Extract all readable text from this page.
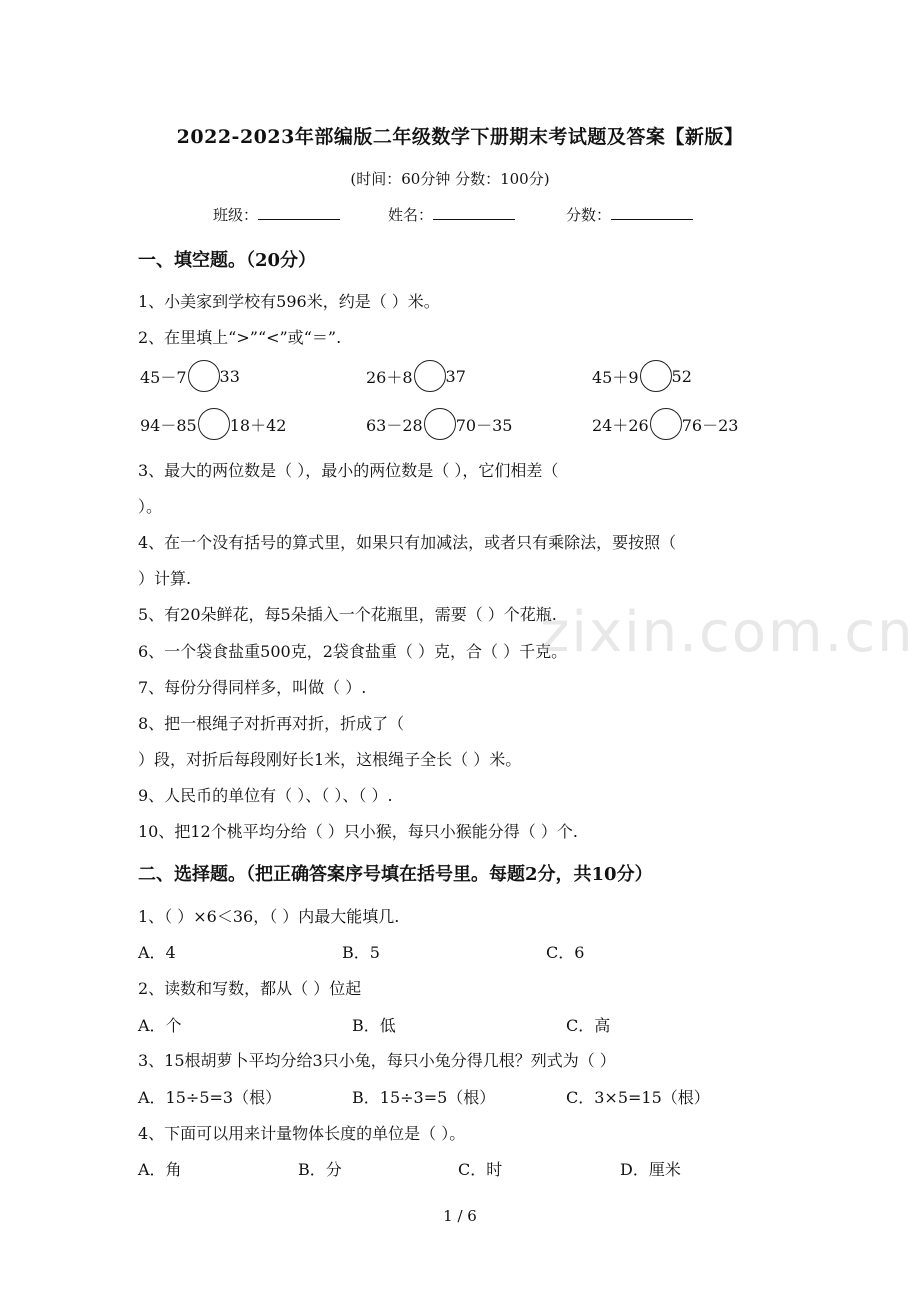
2022-2023年部编版二年级数学下册期末考试题及答案【新版】
(时间：60分钟 分数：100分)
班级：	姓名：	分数：
一、填空题。（20分）
1、小美家到学校有596米，约是（ ）米。
2、在里填上“>”“<”或“＝”.
45－7 33	26＋8 37	45＋9 52
94－85 18＋42	63－28 70－35	24＋26 76－23
3、最大的两位数是（ ），最小的两位数是（ ），它们相差（
）。
4、在一个没有括号的算式里，如果只有加减法，或者只有乘除法，要按照（
）计算.
5、有20朵鲜花，每5朵插入一个花瓶里，需要（ ）个花瓶.
6、一个袋食盐重500克，2袋食盐重（ ）克，合（ ）千克。
7、每份分得同样多，叫做（ ）.
8、把一根绳子对折再对折，折成了（
）段，对折后每段刚好长1米，这根绳子全长（ ）米。
9、人民币的单位有（ ）、（ ）、（ ）.
10、把12个桃平均分给（ ）只小猴，每只小猴能分得（ ）个.
二、选择题。（把正确答案序号填在括号里。每题2分，共10分）
1、（ ）×6＜36，（ ）内最大能填几.
A．4	B．5	C．6
2、读数和写数，都从（ ）位起
A．个	B．低	C．高
3、15根胡萝卜平均分给3只小兔，每只小兔分得几根？列式为（ ）
A．15÷5=3（根）	B．15÷3=5（根）	C．3×5=15（根）
4、下面可以用来计量物体长度的单位是（ ）。
A．角	B．分	C．时	D．厘米
zixin.com.cn
1 / 6
